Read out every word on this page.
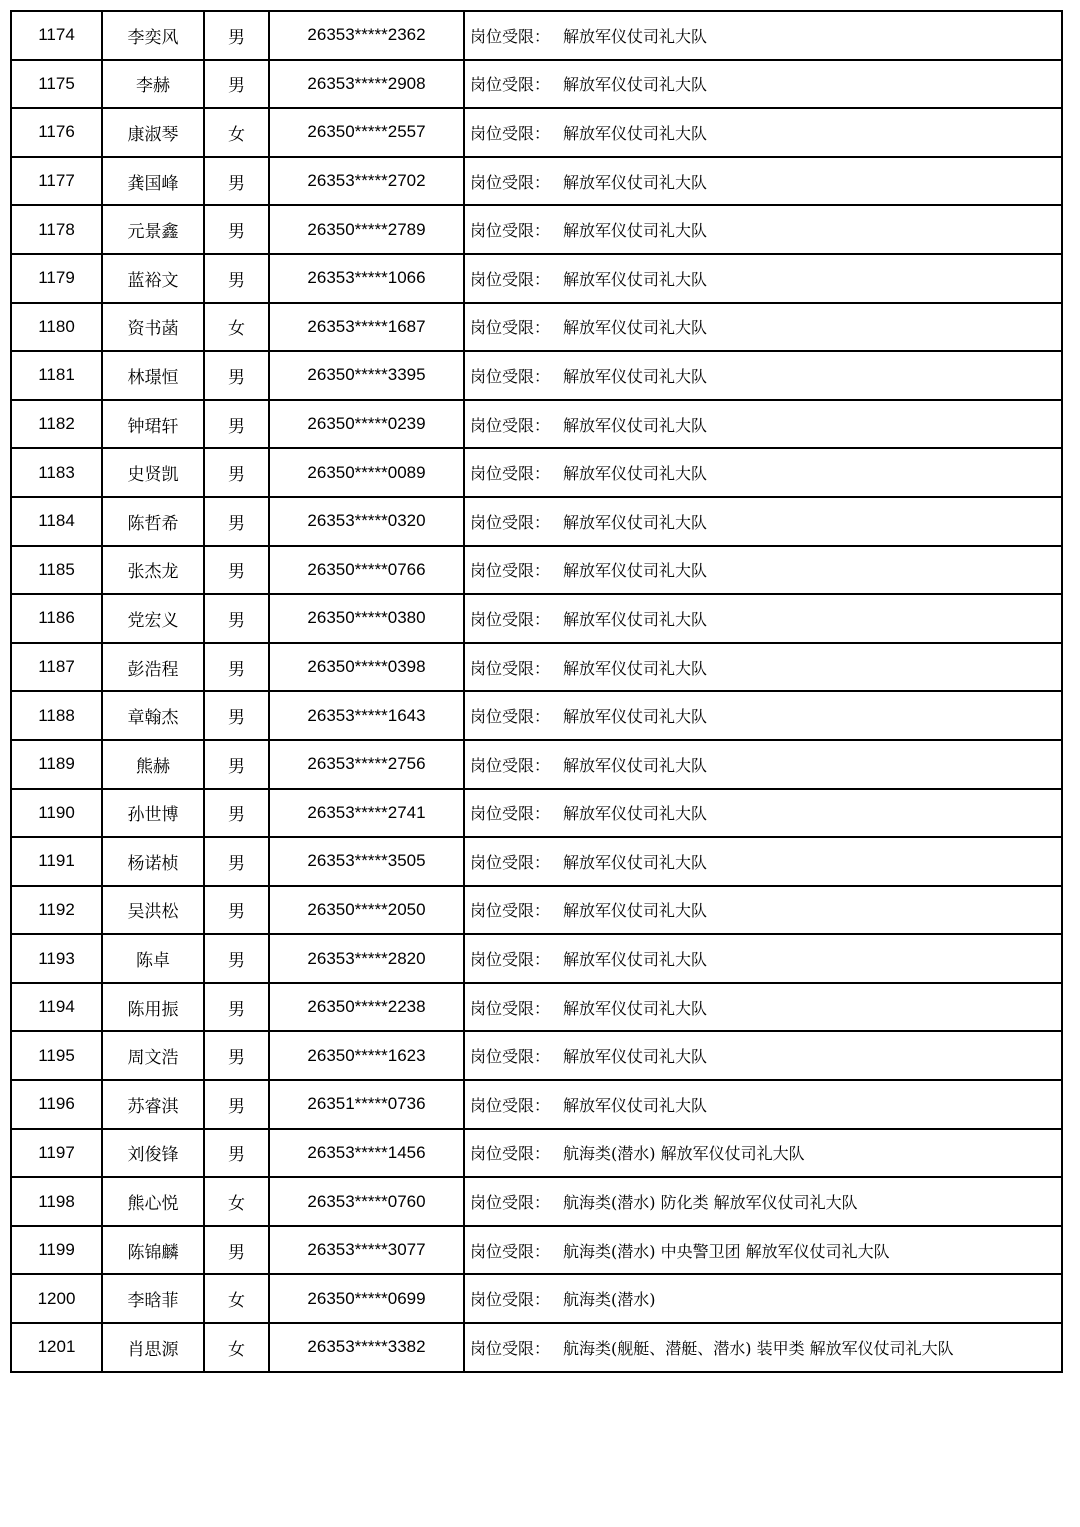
1174	李奕风	男	26353*****2362	岗位受限： 解放军仪仗司礼大队
1175	李赫	男	26353*****2908	岗位受限： 解放军仪仗司礼大队
1176	康淑琴	女	26350*****2557	岗位受限： 解放军仪仗司礼大队
1177	龚国峰	男	26353*****2702	岗位受限： 解放军仪仗司礼大队
1178	元景鑫	男	26350*****2789	岗位受限： 解放军仪仗司礼大队
1179	蓝裕文	男	26353*****1066	岗位受限： 解放军仪仗司礼大队
1180	资书菡	女	26353*****1687	岗位受限： 解放军仪仗司礼大队
1181	林璟恒	男	26350*****3395	岗位受限： 解放军仪仗司礼大队
1182	钟珺轩	男	26350*****0239	岗位受限： 解放军仪仗司礼大队
1183	史贤凯	男	26350*****0089	岗位受限： 解放军仪仗司礼大队
1184	陈哲希	男	26353*****0320	岗位受限： 解放军仪仗司礼大队
1185	张杰龙	男	26350*****0766	岗位受限： 解放军仪仗司礼大队
1186	党宏义	男	26350*****0380	岗位受限： 解放军仪仗司礼大队
1187	彭浩程	男	26350*****0398	岗位受限： 解放军仪仗司礼大队
1188	章翰杰	男	26353*****1643	岗位受限： 解放军仪仗司礼大队
1189	熊赫	男	26353*****2756	岗位受限： 解放军仪仗司礼大队
1190	孙世博	男	26353*****2741	岗位受限： 解放军仪仗司礼大队
1191	杨诺桢	男	26353*****3505	岗位受限： 解放军仪仗司礼大队
1192	吴洪松	男	26350*****2050	岗位受限： 解放军仪仗司礼大队
1193	陈卓	男	26353*****2820	岗位受限： 解放军仪仗司礼大队
1194	陈用振	男	26350*****2238	岗位受限： 解放军仪仗司礼大队
1195	周文浩	男	26350*****1623	岗位受限： 解放军仪仗司礼大队
1196	苏睿淇	男	26351*****0736	岗位受限： 解放军仪仗司礼大队
1197	刘俊锋	男	26353*****1456	岗位受限： 航海类(潜水) 解放军仪仗司礼大队
1198	熊心悦	女	26353*****0760	岗位受限： 航海类(潜水) 防化类 解放军仪仗司礼大队
1199	陈锦麟	男	26353*****3077	岗位受限： 航海类(潜水) 中央警卫团 解放军仪仗司礼大队
1200	李晗菲	女	26350*****0699	岗位受限： 航海类(潜水)
1201	肖思源	女	26353*****3382	岗位受限： 航海类(舰艇、潜艇、潜水) 装甲类 解放军仪仗司礼大队
